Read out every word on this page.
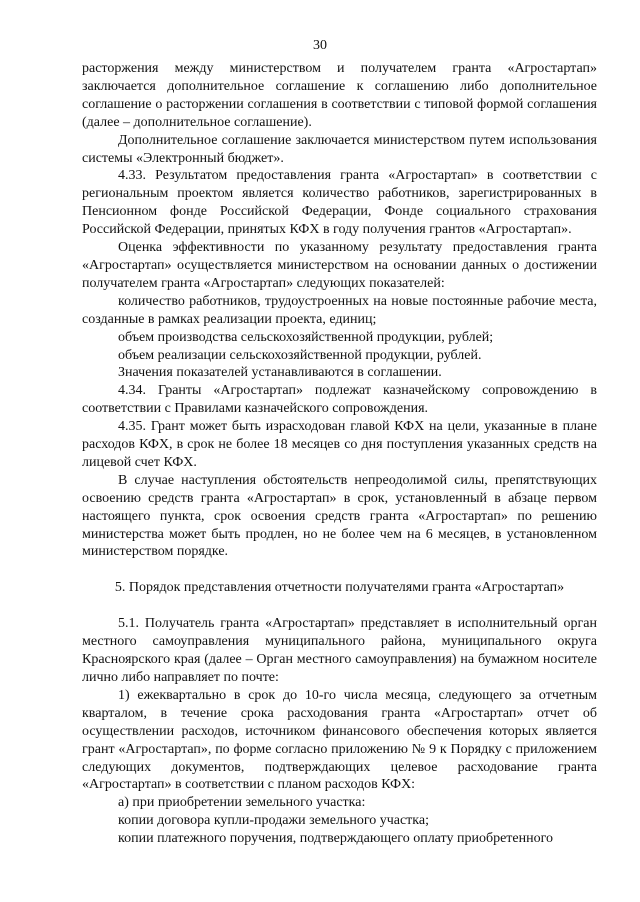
30

расторжения между министерством и получателем гранта «Агростартап» заключается дополнительное соглашение к соглашению либо дополнительное соглашение о расторжении соглашения в соответствии с типовой формой соглашения (далее – дополнительное соглашение).

Дополнительное соглашение заключается министерством путем использования системы «Электронный бюджет».

4.33. Результатом предоставления гранта «Агростартап» в соответствии с региональным проектом является количество работников, зарегистрированных в Пенсионном фонде Российской Федерации, Фонде социального страхования Российской Федерации, принятых КФХ в году получения грантов «Агростартап».

Оценка эффективности по указанному результату предоставления гранта «Агростартап» осуществляется министерством на основании данных о достижении получателем гранта «Агростартап» следующих показателей:

количество работников, трудоустроенных на новые постоянные рабочие места, созданные в рамках реализации проекта, единиц;

объем производства сельскохозяйственной продукции, рублей;

объем реализации сельскохозяйственной продукции, рублей.

Значения показателей устанавливаются в соглашении.

4.34. Гранты «Агростартап» подлежат казначейскому сопровождению в соответствии с Правилами казначейского сопровождения.

4.35. Грант может быть израсходован главой КФХ на цели, указанные в плане расходов КФХ, в срок не более 18 месяцев со дня поступления указанных средств на лицевой счет КФХ.

В случае наступления обстоятельств непреодолимой силы, препятствующих освоению средств гранта «Агростартап» в срок, установленный в абзаце первом настоящего пункта, срок освоения средств гранта «Агростартап» по решению министерства может быть продлен, но не более чем на 6 месяцев, в установленном министерством порядке.

5. Порядок представления отчетности получателями гранта «Агростартап»

5.1. Получатель гранта «Агростартап» представляет в исполнительный орган местного самоуправления муниципального района, муниципального округа Красноярского края (далее – Орган местного самоуправления) на бумажном носителе лично либо направляет по почте:

1) ежеквартально в срок до 10-го числа месяца, следующего за отчетным кварталом, в течение срока расходования гранта «Агростартап» отчет об осуществлении расходов, источником финансового обеспечения которых является грант «Агростартап», по форме согласно приложению № 9 к Порядку с приложением следующих документов, подтверждающих целевое расходование гранта «Агростартап» в соответствии с планом расходов КФХ:

а) при приобретении земельного участка:

копии договора купли-продажи земельного участка;

копии платежного поручения, подтверждающего оплату приобретенного
